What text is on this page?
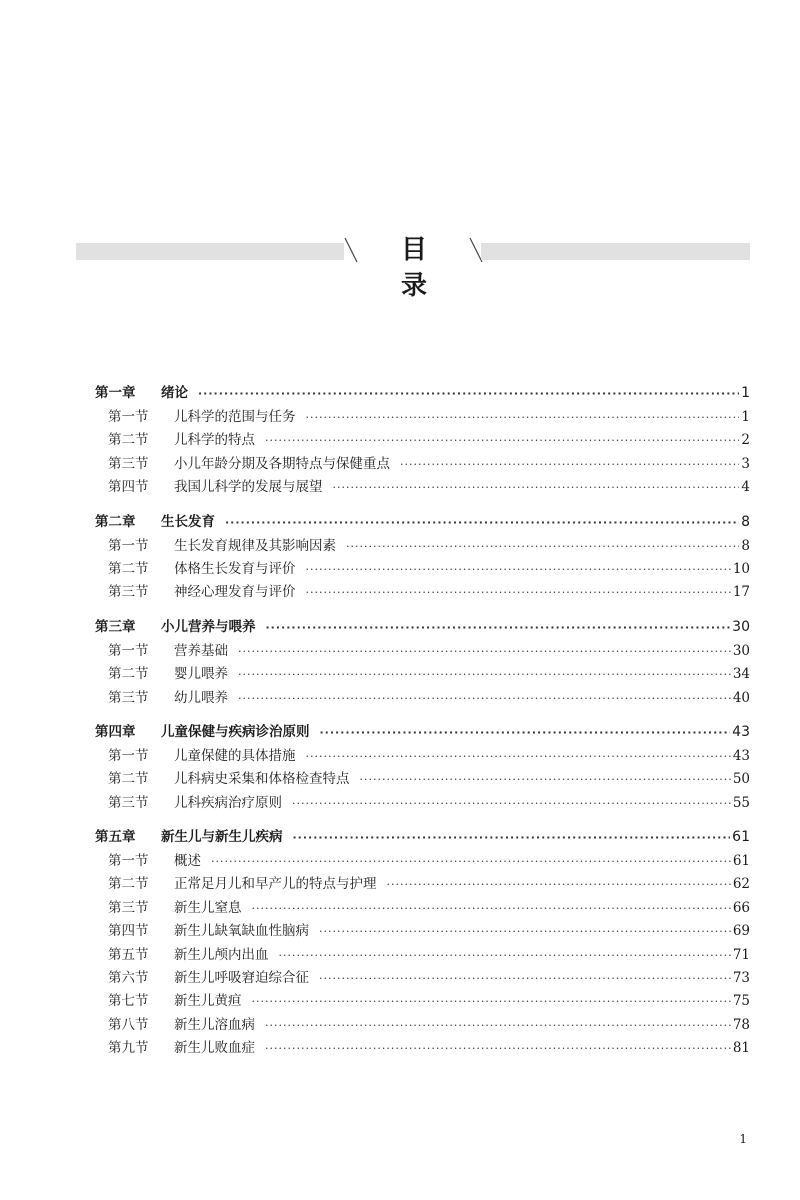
目 录
第一章	绪论 ·····	1
第一节	儿科学的范围与任务 ·····	1
第二节	儿科学的特点 ·····	2
第三节	小儿年龄分期及各期特点与保健重点 ·····	3
第四节	我国儿科学的发展与展望 ·····	4
第二章	生长发育 ·····	8
第一节	生长发育规律及其影响因素 ·····	8
第二节	体格生长发育与评价 ·····	10
第三节	神经心理发育与评价 ·····	17
第三章	小儿营养与喂养 ·····	30
第一节	营养基础 ·····	30
第二节	婴儿喂养 ·····	34
第三节	幼儿喂养 ·····	40
第四章	儿童保健与疾病诊治原则 ·····	43
第一节	儿童保健的具体措施 ·····	43
第二节	儿科病史采集和体格检查特点 ·····	50
第三节	儿科疾病治疗原则 ·····	55
第五章	新生儿与新生儿疾病 ·····	61
第一节	概述 ·····	61
第二节	正常足月儿和早产儿的特点与护理 ·····	62
第三节	新生儿窒息 ·····	66
第四节	新生儿缺氧缺血性脑病 ·····	69
第五节	新生儿颅内出血 ·····	71
第六节	新生儿呼吸窘迫综合征 ·····	73
第七节	新生儿黄疸 ·····	75
第八节	新生儿溶血病 ·····	78
第九节	新生儿败血症 ·····	81
1
